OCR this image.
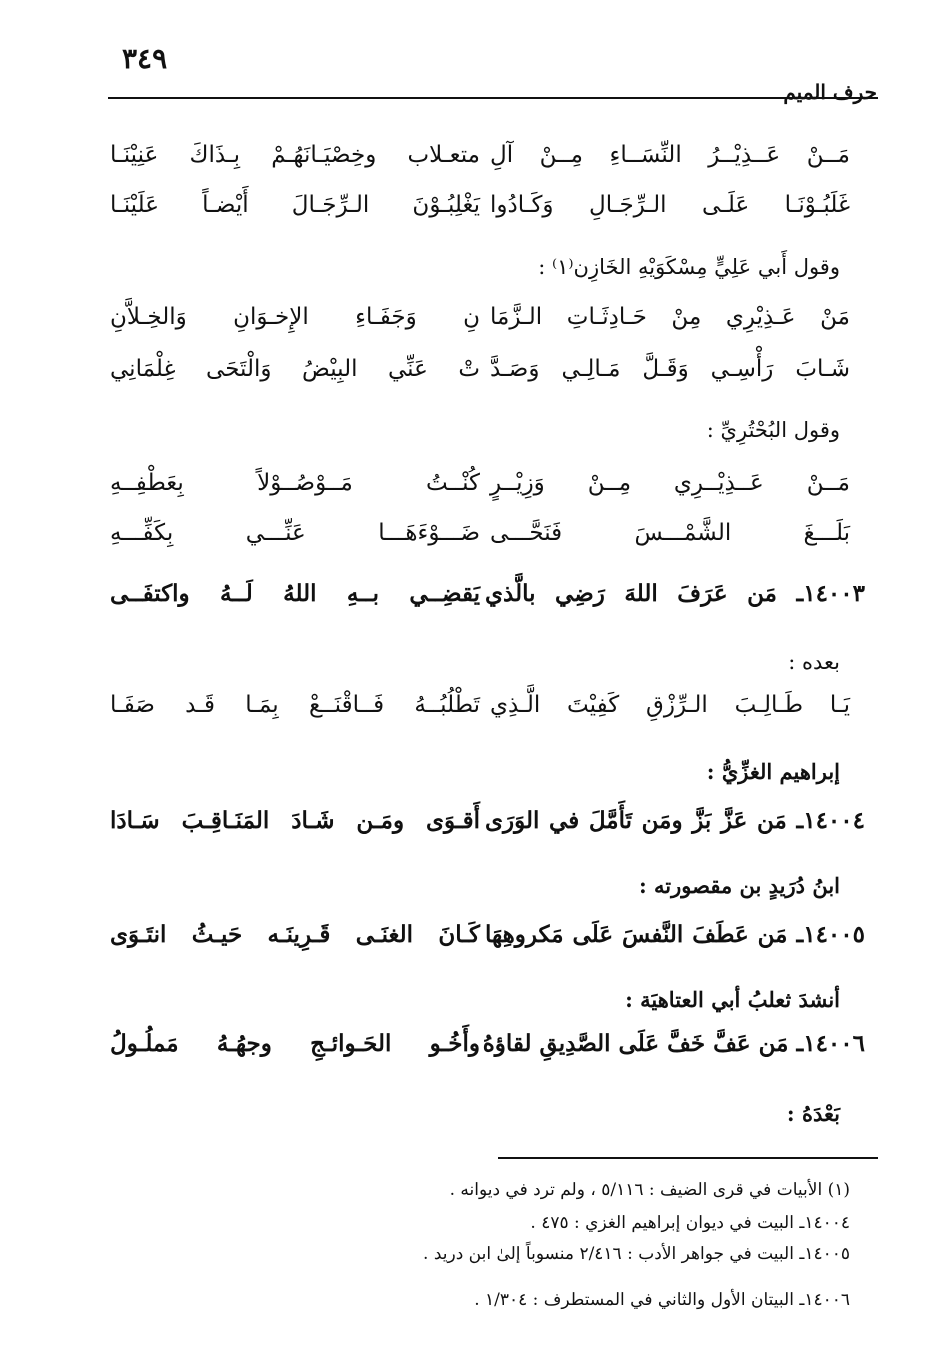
٣٤٩
حرف الميم
مَــنْ عَــذِيْــرُ النِّسَــاءِ مِــنْ آلِ
متعـلاب وخِصْيَـانَهُـمْ بِـذَاكَ عَنِيْنَـا
غَلَبُـوْنَـا عَلَـى الـرِّجَـالِ وَكَـادُوا
يَغْلِبُـوْنَ الـرِّجَـالَ أَيْضـاً عَلَيْنَـا
وقول أَبي عَلِيٍّ مِسْكَوَيْهِ الخَازِن⁽١⁾ :
مَنْ عَـذِيْرِي مِنْ حَـادِثَـاتِ الـزَّمَا
نِ وَجَفَـاءِ الإِخـوَانِ وَالخِـلاَّنِ
شَـابَ رَأْسِـي وَقَـلَّ مَـالِـي وَصَـدَّ
تْ عَنِّي البِيْضُ وَالْتَحَى غِلْمَانِي
وقول البُحْتُرِيِّ :
مَــنْ عَــذِيْــرِي مِــنْ وَزِيْــرٍ
كُنْــتُ مَــوْصُــوْلاً بِعَطْفِــهِ
بَلَـــغَ الشَّمْـــسَ فَنَحَّـــى
ضَـــوْءَهَـــا عَنِّـــي بِكَفِّـــهِ
١٤٠٠٣ـ مَن عَرَفَ اللهَ رَضِي بالَّذي
يَقضِــي بــهِ اللهُ لَــهُ واكتفَــى
بعده :
يَـا طَـالِـبَ الـرِّزْقِ كَفِيْتَ الَّـذِي
تَطْلُبُــهُ فَــاقْنَــعْ بِمَـا قَـد صَفَـا
إبراهيم الغزِّيُّ :
١٤٠٠٤ـ مَن عَزَّ بَزَّ ومَن تَأَمَّلَ في الوَرَى
أَقـوَى ومَـن شَـادَ المَنَـاقِـبَ سَـادَا
ابنُ دُرَيدٍ بن مقصورته :
١٤٠٠٥ـ مَن عَطَفَ النَّفسَ عَلَى مَكروهِهَا
كَـانَ الغنَـى قَـرِينَـه حَيـثُ انتَـوَى
أنشدَ ثعلبُ أبي العتاهيَة :
١٤٠٠٦ـ مَن عَفَّ خَفَّ عَلَى الصَّدِيقِ لقاؤهُ
وأَخُـو الحَـوائـجِ وجهُـهُ مَملُـولُ
بَعْدَهُ :
(١) الأبيات في قرى الضيف : ٥/١١٦ ، ولم ترد في ديوانه .
١٤٠٠٤ـ البيت في ديوان إبراهيم الغزي : ٤٧٥ .
١٤٠٠٥ـ البيت في جواهر الأدب : ٢/٤١٦ منسوباً إلىٰ ابن دريد .
١٤٠٠٦ـ البيتان الأول والثاني في المستطرف : ١/٣٠٤ .
